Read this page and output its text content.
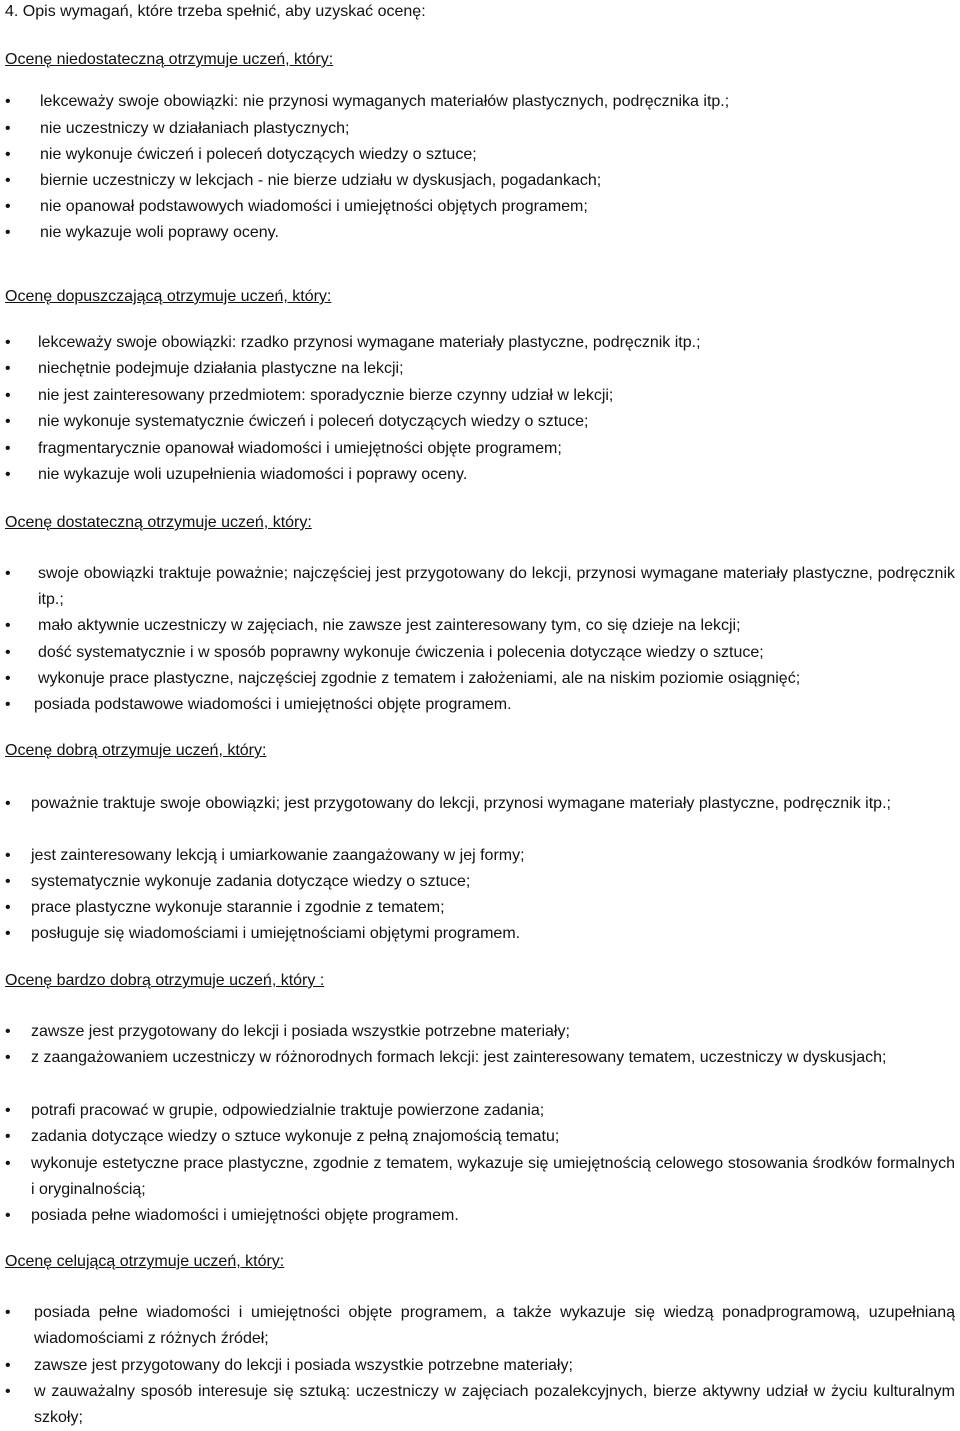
4. Opis wymagań, które trzeba spełnić, aby uzyskać ocenę:
Ocenę niedostateczną otrzymuje uczeń, który:
•	lekceważy swoje obowiązki: nie przynosi wymaganych materiałów plastycznych, podręcznika itp.;
•	nie uczestniczy w działaniach plastycznych;
•	nie wykonuje ćwiczeń i poleceń dotyczących wiedzy o sztuce;
•	biernie uczestniczy w lekcjach - nie bierze udziału w dyskusjach, pogadankach;
•	nie opanował podstawowych wiadomości i umiejętności objętych programem;
•	nie wykazuje woli poprawy oceny.
Ocenę dopuszczającą otrzymuje uczeń, który:
•	lekceważy swoje obowiązki: rzadko przynosi wymagane materiały plastyczne, podręcznik itp.;
•	niechętnie podejmuje działania plastyczne na lekcji;
•	nie jest zainteresowany przedmiotem: sporadycznie bierze czynny udział w lekcji;
•	nie wykonuje systematycznie ćwiczeń i poleceń dotyczących wiedzy o sztuce;
•	fragmentarycznie opanował wiadomości i umiejętności objęte programem;
•	nie wykazuje woli uzupełnienia wiadomości i poprawy oceny.
Ocenę dostateczną otrzymuje uczeń, który:
•	swoje obowiązki traktuje poważnie; najczęściej jest przygotowany do lekcji, przynosi wymagane materiały plastyczne, podręcznik itp.;
•	mało aktywnie uczestniczy w zajęciach, nie zawsze jest zainteresowany tym, co się dzieje na lekcji;
•	dość systematycznie i w sposób poprawny wykonuje ćwiczenia i polecenia dotyczące wiedzy o sztuce;
•	wykonuje prace plastyczne, najczęściej zgodnie z tematem i założeniami, ale na niskim poziomie osiągnięć;
•	posiada podstawowe wiadomości i umiejętności objęte programem.
Ocenę dobrą otrzymuje uczeń, który:
•	poważnie traktuje swoje obowiązki; jest przygotowany do lekcji, przynosi wymagane materiały plastyczne, podręcznik itp.;
•	jest zainteresowany lekcją i umiarkowanie zaangażowany w jej formy;
•	systematycznie wykonuje zadania dotyczące wiedzy o sztuce;
•	prace plastyczne wykonuje starannie i zgodnie z tematem;
•	posługuje się wiadomościami i umiejętnościami objętymi programem.
Ocenę bardzo dobrą otrzymuje uczeń, który :
•	zawsze jest przygotowany do lekcji i posiada wszystkie potrzebne materiały;
•	z zaangażowaniem uczestniczy w różnorodnych formach lekcji: jest zainteresowany tematem, uczestniczy w dyskusjach;
•	potrafi pracować w grupie, odpowiedzialnie traktuje powierzone zadania;
•	zadania dotyczące wiedzy o sztuce wykonuje z pełną znajomością tematu;
•	wykonuje estetyczne prace plastyczne, zgodnie z tematem, wykazuje się umiejętnością celowego stosowania środków formalnych i oryginalnością;
•	posiada pełne wiadomości i umiejętności objęte programem.
Ocenę celującą otrzymuje uczeń, który:
•	posiada pełne wiadomości i umiejętności objęte programem, a także wykazuje się wiedzą ponadprogramową, uzupełnianą wiadomościami z różnych źródeł;
•	zawsze jest przygotowany do lekcji i posiada wszystkie potrzebne materiały;
•	w zauważalny sposób interesuje się sztuką: uczestniczy w zajęciach pozalekcyjnych, bierze aktywny udział w życiu kulturalnym szkoły;
